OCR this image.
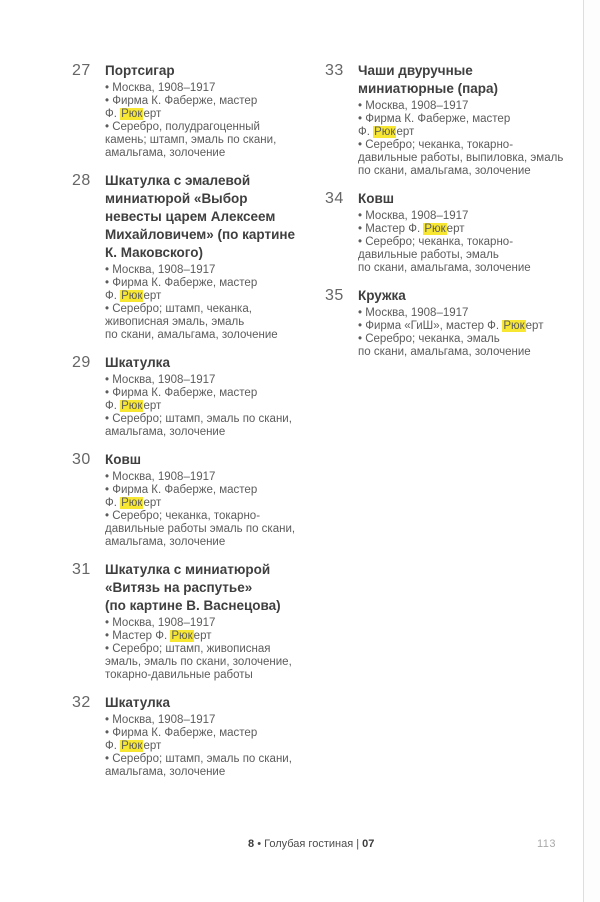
27	Портсигар
• Москва, 1908–1917
• Фирма К. Фаберже, мастер
Ф. Рюкерт
• Серебро, полудрагоценный
камень; штамп, эмаль по скани,
амальгама, золочение
28	Шкатулка с эмалевой
миниатюрой «Выбор
невесты царем Алексеем
Михайловичем» (по картине
К. Маковского)
• Москва, 1908–1917
• Фирма К. Фаберже, мастер
Ф. Рюкерт
• Серебро; штамп, чеканка,
живописная эмаль, эмаль
по скани, амальгама, золочение
29	Шкатулка
• Москва, 1908–1917
• Фирма К. Фаберже, мастер
Ф. Рюкерт
• Серебро; штамп, эмаль по скани,
амальгама, золочение
30	Ковш
• Москва, 1908–1917
• Фирма К. Фаберже, мастер
Ф. Рюкерт
• Серебро; чеканка, токарно-
давильные работы эмаль по скани,
амальгама, золочение
31	Шкатулка с миниатюрой
«Витязь на распутье»
(по картине В. Васнецова)
• Москва, 1908–1917
• Мастер Ф. Рюкерт
• Серебро; штамп, живописная
эмаль, эмаль по скани, золочение,
токарно-давильные работы
32	Шкатулка
• Москва, 1908–1917
• Фирма К. Фаберже, мастер
Ф. Рюкерт
• Серебро; штамп, эмаль по скани,
амальгама, золочение
33	Чаши двуручные
миниатюрные (пара)
• Москва, 1908–1917
• Фирма К. Фаберже, мастер
Ф. Рюкерт
• Серебро; чеканка, токарно-
давильные работы, выпиловка, эмаль
по скани, амальгама, золочение
34	Ковш
• Москва, 1908–1917
• Мастер Ф. Рюкерт
• Серебро; чеканка, токарно-
давильные работы, эмаль
по скани, амальгама, золочение
35	Кружка
• Москва, 1908–1917
• Фирма «ГиШ», мастер Ф. Рюкерт
• Серебро; чеканка, эмаль
по скани, амальгама, золочение
8 • Голубая гостиная | 07	113
